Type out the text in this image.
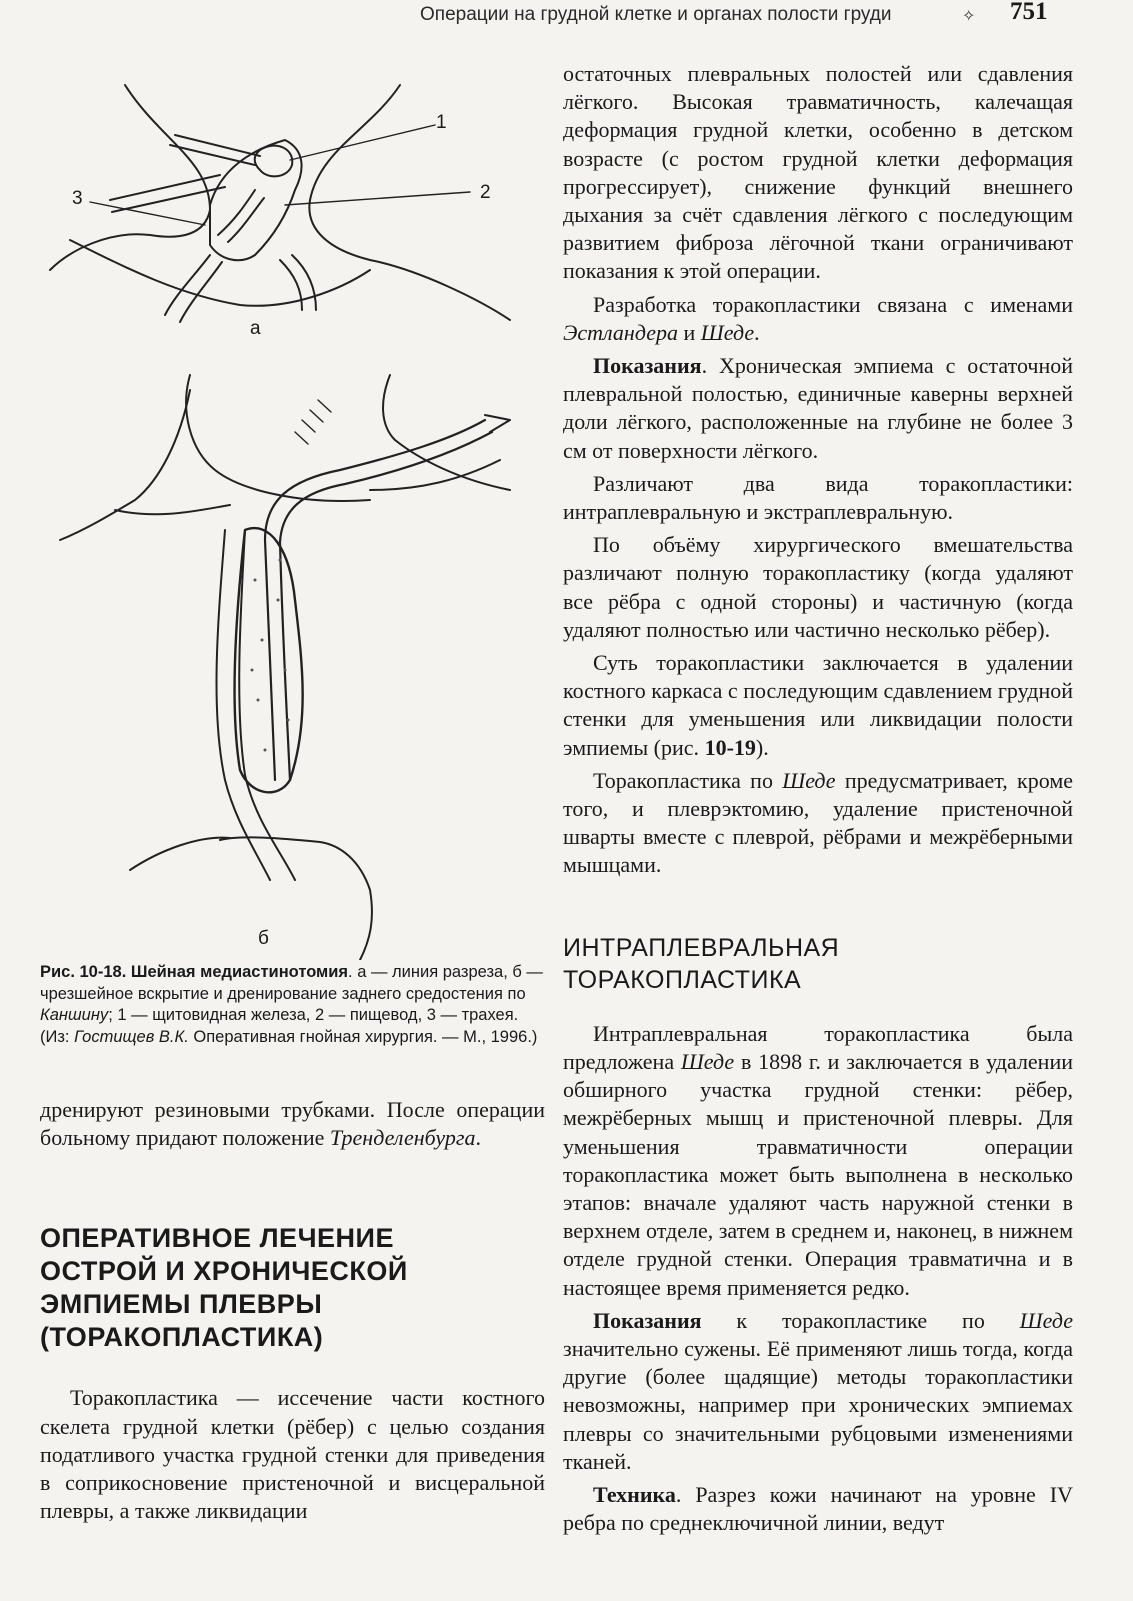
Операции на грудной клетке и органах полости груди	✧ 751
1
2
3
а
б
Рис. 10-18. Шейная медиастинотомия. а — линия разреза, б — чрезшейное вскрытие и дренирование заднего средостения по Каншину; 1 — щитовидная железа, 2 — пищевод, 3 — трахея. (Из: Гостищев В.К. Оперативная гнойная хирургия. — М., 1996.)

дренируют резиновыми трубками. После операции больному придают положение Тренделенбурга.

ОПЕРАТИВНОЕ ЛЕЧЕНИЕ

ОСТРОЙ И ХРОНИЧЕСКОЙ

ЭМПИЕМЫ ПЛЕВРЫ

(ТОРАКОПЛАСТИКА)

Торакопластика — иссечение части костного скелета грудной клетки (рёбер) с целью создания податливого участка грудной стенки для приведения в соприкосновение пристеночной и висцеральной плевры, а также ликвидации

остаточных плевральных полостей или сдавления лёгкого. Высокая травматичность, калечащая деформация грудной клетки, особенно в детском возрасте (с ростом грудной клетки деформация прогрессирует), снижение функций внешнего дыхания за счёт сдавления лёгкого с последующим развитием фиброза лёгочной ткани ограничивают показания к этой операции.

Разработка торакопластики связана с именами Эстландера и Шеде.

Показания. Хроническая эмпиема с остаточной плевральной полостью, единичные каверны верхней доли лёгкого, расположенные на глубине не более 3 см от поверхности лёгкого.

Различают два вида торакопластики: интраплевральную и экстраплевральную.

По объёму хирургического вмешательства различают полную торакопластику (когда удаляют все рёбра с одной стороны) и частичную (когда удаляют полностью или частично несколько рёбер).

Суть торакопластики заключается в удалении костного каркаса с последующим сдавлением грудной стенки для уменьшения или ликвидации полости эмпиемы (рис. 10-19).

Торакопластика по Шеде предусматривает, кроме того, и плеврэктомию, удаление пристеночной шварты вместе с плеврой, рёбрами и межрёберными мышцами.

ИНТРАПЛЕВРАЛЬНАЯ

ТОРАКОПЛАСТИКА

Интраплевральная торакопластика была предложена Шеде в 1898 г. и заключается в удалении обширного участка грудной стенки: рёбер, межрёберных мышц и пристеночной плевры. Для уменьшения травматичности операции торакопластика может быть выполнена в несколько этапов: вначале удаляют часть наружной стенки в верхнем отделе, затем в среднем и, наконец, в нижнем отделе грудной стенки. Операция травматична и в настоящее время применяется редко.

Показания к торакопластике по Шеде значительно сужены. Её применяют лишь тогда, когда другие (более щадящие) методы торакопластики невозможны, например при хронических эмпиемах плевры со значительными рубцовыми изменениями тканей.

Техника. Разрез кожи начинают на уровне IV ребра по среднеключичной линии, ведут
